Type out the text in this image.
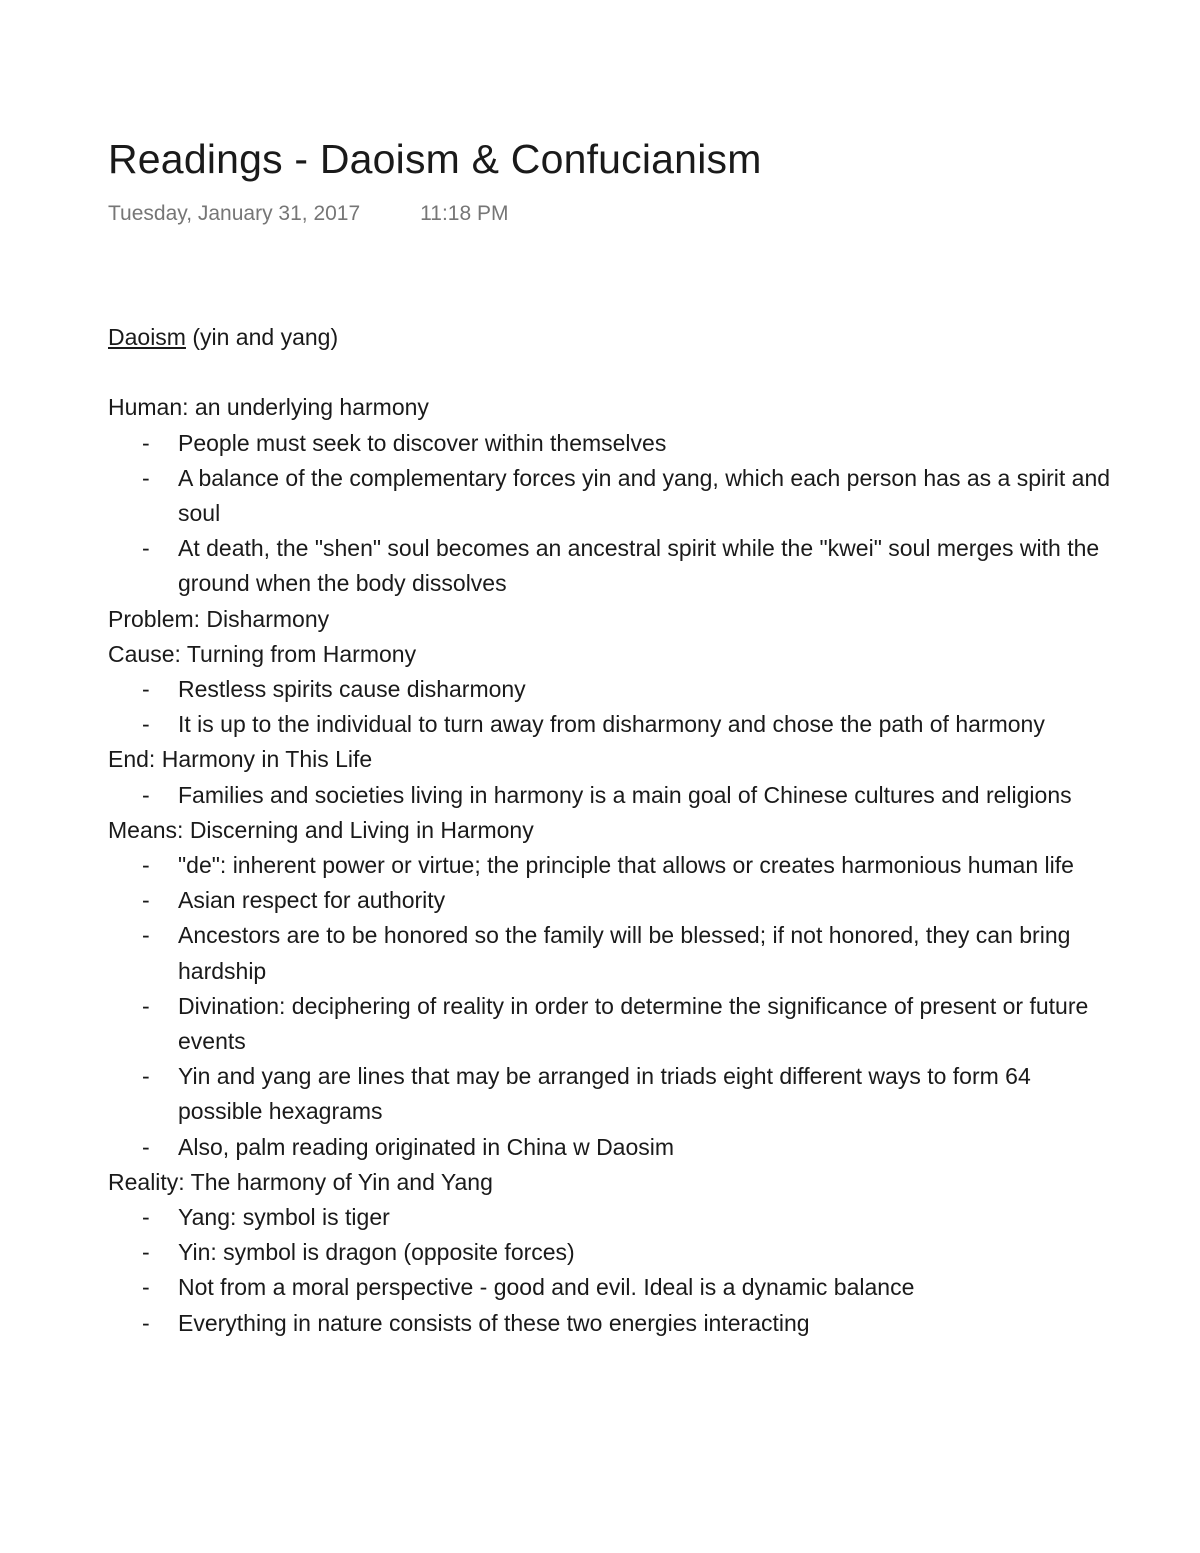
Readings - Daoism & Confucianism
Tuesday, January 31, 2017	11:18 PM
Daoism (yin and yang)
Human: an underlying harmony
- People must seek to discover within themselves
- A balance of the complementary forces yin and yang, which each person has as a spirit and soul
- At death, the "shen" soul becomes an ancestral spirit while the "kwei" soul merges with the ground when the body dissolves
Problem: Disharmony
Cause: Turning from Harmony
- Restless spirits cause disharmony
- It is up to the individual to turn away from disharmony and chose the path of harmony
End: Harmony in This Life
- Families and societies living in harmony is a main goal of Chinese cultures and religions
Means: Discerning and Living in Harmony
- "de": inherent power or virtue; the principle that allows or creates harmonious human life
- Asian respect for authority
- Ancestors are to be honored so the family will be blessed; if not honored, they can bring hardship
- Divination: deciphering of reality in order to determine the significance of present or future events
- Yin and yang are lines that may be arranged in triads eight different ways to form 64 possible hexagrams
- Also, palm reading originated in China w Daosim
Reality: The harmony of Yin and Yang
- Yang: symbol is tiger
- Yin: symbol is dragon (opposite forces)
- Not from a moral perspective - good and evil. Ideal is a dynamic balance
- Everything in nature consists of these two energies interacting
